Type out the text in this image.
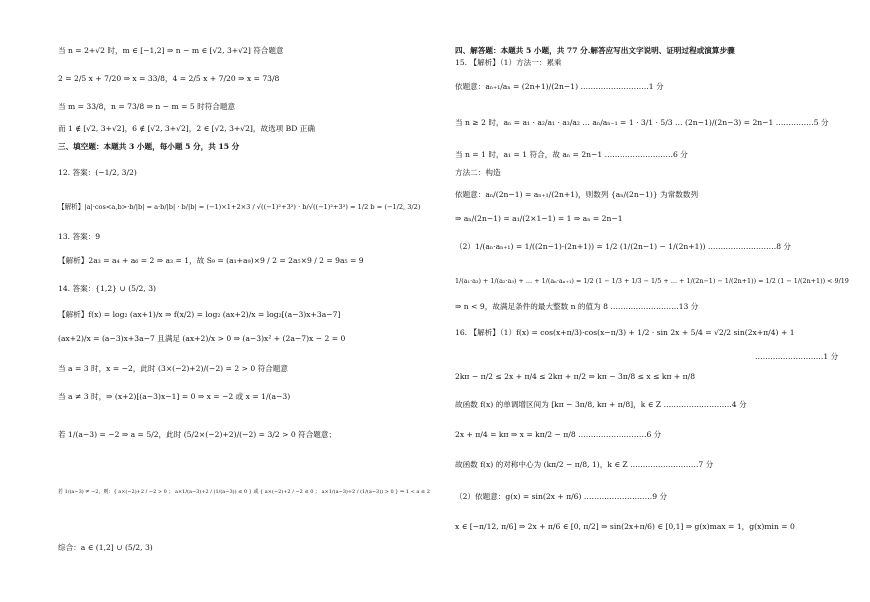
当 n = 2+√2 时，m ∈ [−1,2] ⇒ n − m ∈ [√2, 3+√2] 符合题意
2 = 2/5 x + 7/20 ⇒ x = 33/8，4 = 2/5 x + 7/20 ⇒ x = 73/8
当 m = 33/8，n = 73/8 ⇒ n − m = 5 时符合题意
而 1 ∉ [√2, 3+√2]，6 ∉ [√2, 3+√2]，2 ∈ [√2, 3+√2]，故选项 BD 正确
三、填空题：本题共 3 小题，每小题 5 分，共 15 分
12. 答案：(−1/2, 3/2)
【解析】|a|·cos<a,b>·b/|b| = a·b/|b| · b/|b| = (−1)×1+2×3 / √((−1)²+3²) · b/√((−1)²+3²) = 1/2 b = (−1/2, 3/2)
13. 答案：9
【解析】2a₃ = a₄ + a₆ = 2 ⇒ a₃ = 1，故 S₉ = (a₁+a₉)×9 / 2 = 2a₅×9 / 2 = 9a₅ = 9
14. 答案：{1,2} ∪ (5/2, 3)
【解析】f(x) = log₂ (ax+1)/x ⇒ f(x/2) = log₂ (ax+2)/x = log₂[(a−3)x+3a−7]
(ax+2)/x = (a−3)x+3a−7 且满足 (ax+2)/x > 0 ⇒ (a−3)x² + (2a−7)x − 2 = 0
当 a = 3 时，x = −2，此时 (3×(−2)+2)/(−2) = 2 > 0 符合题意
当 a ≠ 3 时，⇒ (x+2)[(a−3)x−1] = 0 ⇒ x = −2 或 x = 1/(a−3)
若 1/(a−3) = −2 ⇒ a = 5/2，此时 (5/2×(−2)+2)/(−2) = 3/2 > 0 符合题意；
若 1/(a−3) ≠ −2，则：{ a×(−2)+2 / −2 > 0 ； a×1/(a−3)+2 / (1/(a−3)) ≤ 0 } 或 { a×(−2)+2 / −2 ≤ 0 ； a×1/(a−3)+2 / (1/(a−3)) > 0 } ⇒ 1 < a ≤ 2
综合：a ∈ (1,2] ∪ (5/2, 3)
四、解答题：本题共 5 小题，共 77 分.解答应写出文字说明、证明过程或演算步骤
15. 【解析】（1）方法一：累乘
依题意：aₙ₊₁/aₙ = (2n+1)/(2n−1) ………………………1 分
当 n ≥ 2 时，aₙ = a₁ · a₂/a₁ · a₃/a₂ … aₙ/aₙ₋₁ = 1 · 3/1 · 5/3 … (2n−1)/(2n−3) = 2n−1 ……………5 分
当 n = 1 时，a₁ = 1 符合，故 aₙ = 2n−1 ………………………6 分
方法二：构造
依题意：aₙ/(2n−1) = aₙ₊₁/(2n+1)，则数列 {aₙ/(2n−1)} 为常数数列
⇒ aₙ/(2n−1) = a₁/(2×1−1) = 1 ⇒ aₙ = 2n−1
（2）1/(aₙ·aₙ₊₁) = 1/((2n−1)·(2n+1)) = 1/2 (1/(2n−1) − 1/(2n+1)) ………………………8 分
1/(a₁·a₂) + 1/(a₂·a₃) + … + 1/(aₙ·aₙ₊₁) = 1/2 (1 − 1/3 + 1/3 − 1/5 + … + 1/(2n−1) − 1/(2n+1)) = 1/2 (1 − 1/(2n+1)) < 9/19
⇒ n < 9，故满足条件的最大整数 n 的值为 8 ………………………13 分
16. 【解析】（1）f(x) = cos(x+π/3)·cos(x−π/3) + 1/2 · sin 2x + 5/4 = √2/2 sin(2x+π/4) + 1
………………………1 分
2kπ − π/2 ≤ 2x + π/4 ≤ 2kπ + π/2 ⇒ kπ − 3π/8 ≤ x ≤ kπ + π/8
故函数 f(x) 的单调增区间为 [kπ − 3π/8, kπ + π/8]，k ∈ Z ………………………4 分
2x + π/4 = kπ ⇒ x = kπ/2 − π/8 ………………………6 分
故函数 f(x) 的对称中心为 (kπ/2 − π/8, 1)，k ∈ Z ………………………7 分
（2）依题意：g(x) = sin(2x + π/6) ………………………9 分
x ∈ [−π/12, π/6] ⇒ 2x + π/6 ∈ [0, π/2] ⇒ sin(2x+π/6) ∈ [0,1] ⇒ g(x)max = 1，g(x)min = 0
